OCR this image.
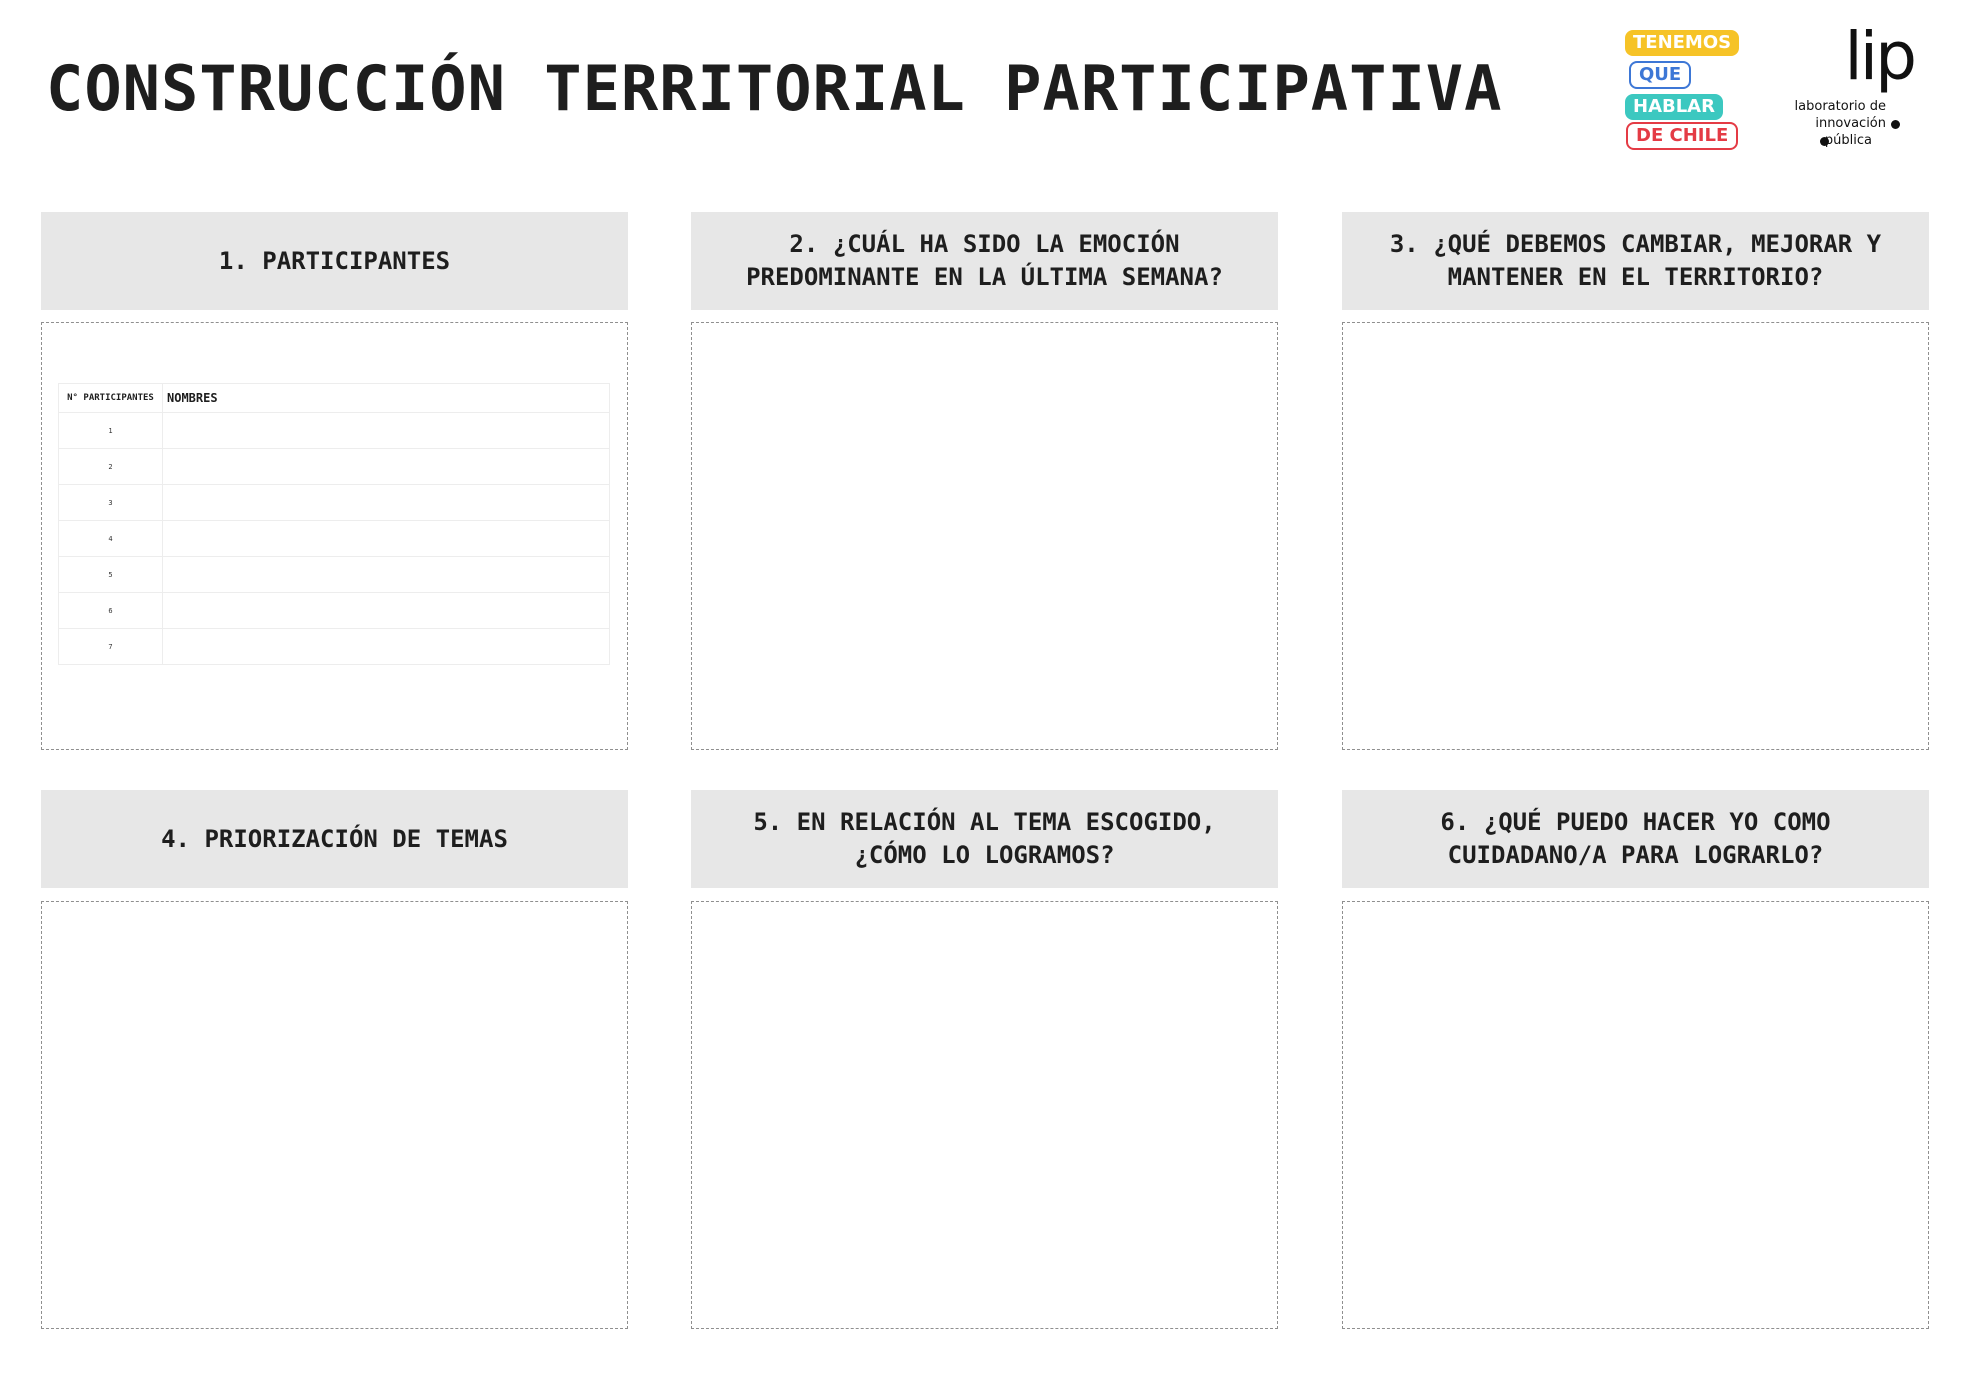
CONSTRUCCIÓN TERRITORIAL PARTICIPATIVA
TENEMOS
QUE
HABLAR
DE CHILE
lip
laboratorio de
innovación
pública
1. PARTICIPANTES
N° PARTICIPANTES	NOMBRES
1	
2	
3	
4	
5	
6	
7	
2. ¿CUÁL HA SIDO LA EMOCIÓN
PREDOMINANTE EN LA ÚLTIMA SEMANA?
3. ¿QUÉ DEBEMOS CAMBIAR, MEJORAR Y
MANTENER EN EL TERRITORIO?
4. PRIORIZACIÓN DE TEMAS
5. EN RELACIÓN AL TEMA ESCOGIDO,
¿CÓMO LO LOGRAMOS?
6. ¿QUÉ PUEDO HACER YO COMO
CUIDADANO/A PARA LOGRARLO?
